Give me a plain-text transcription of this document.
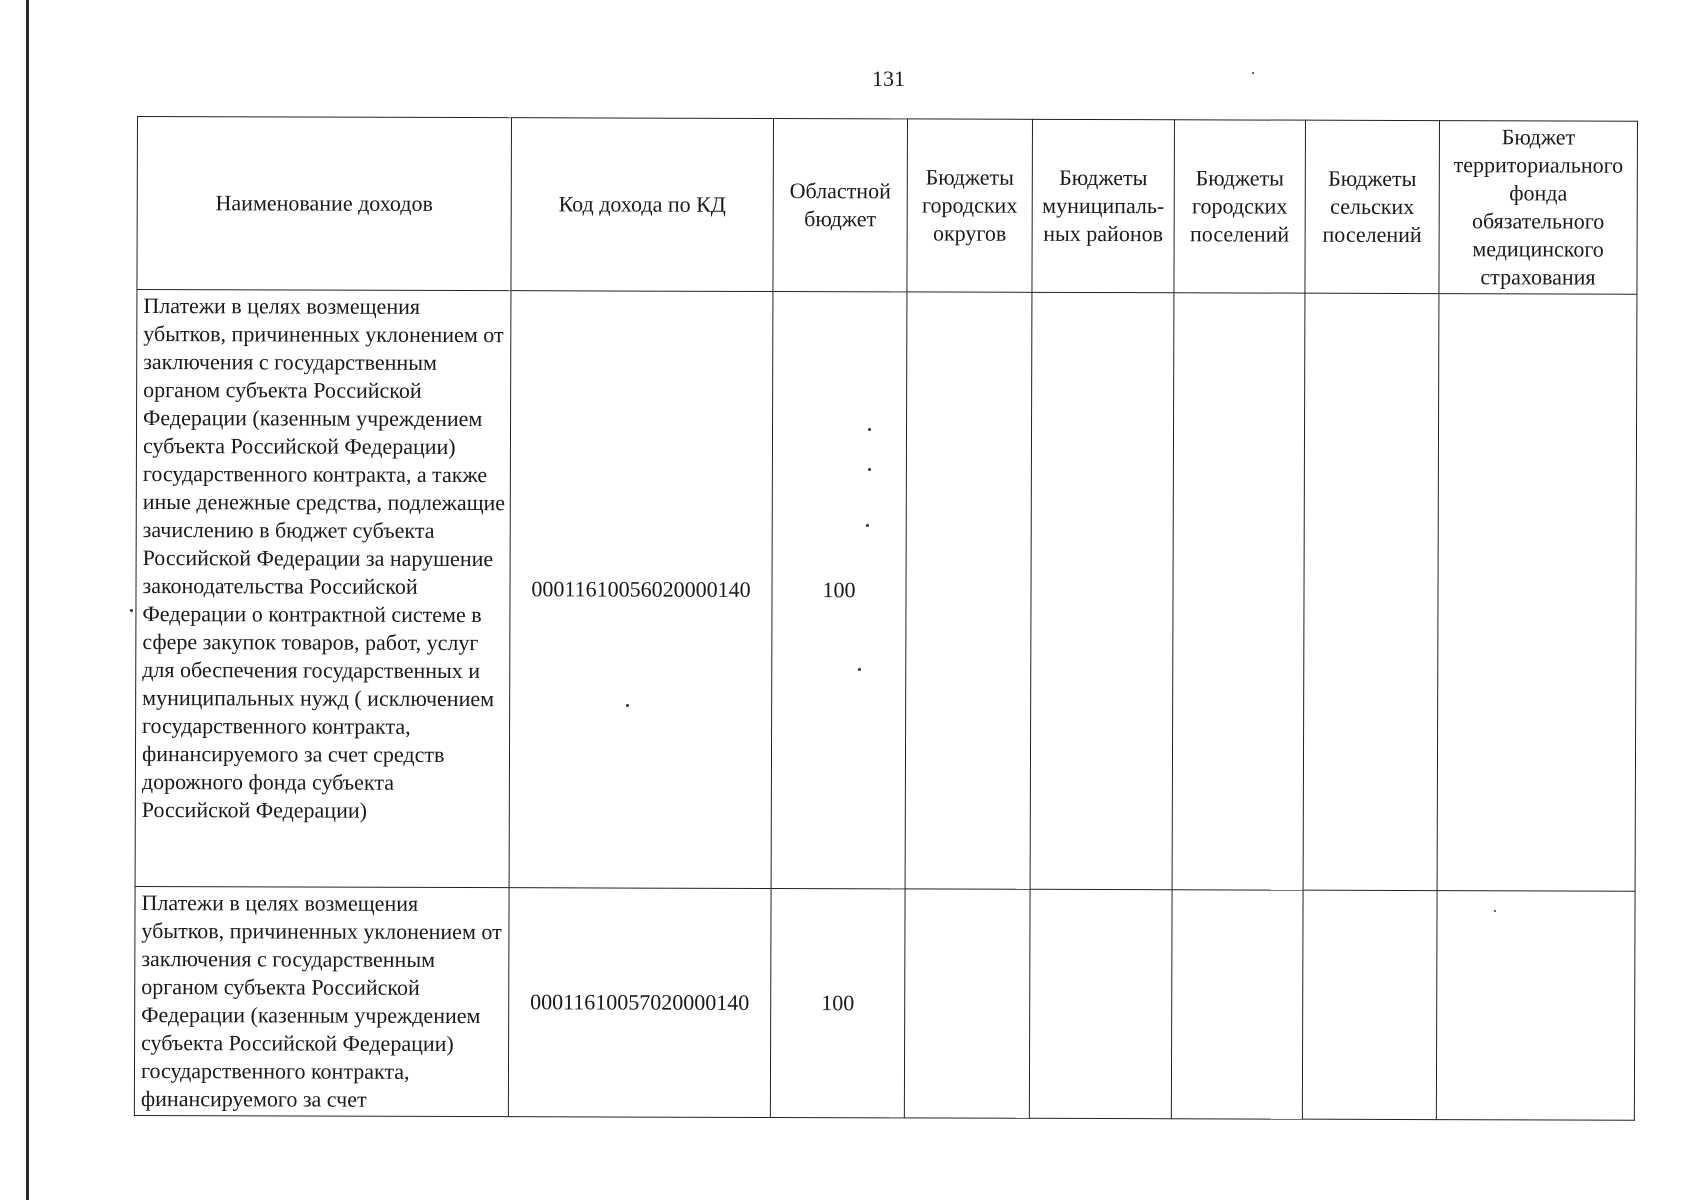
131
Наименование доходов	Код дохода по КД	Областной бюджет	Бюджеты городских округов	Бюджеты муниципаль-ных районов	Бюджеты городских поселений	Бюджеты сельских поселений	Бюджет территориального фонда обязательного медицинского страхования
Платежи в целях возмещения убытков, причиненных уклонением от заключения с государственным органом субъекта Российской Федерации (казенным учреждением субъекта Российской Федерации) государственного контракта, а также иные денежные средства, подлежащие зачислению в бюджет субъекта Российской Федерации за нарушение законодательства Российской Федерации о контрактной системе в сфере закупок товаров, работ, услуг для обеспечения государственных и муниципальных нужд ( исключением государственного контракта, финансируемого за счет средств дорожного фонда субъекта Российской Федерации)	00011610056020000140	100					
Платежи в целях возмещения убытков, причиненных уклонением от заключения с государственным органом субъекта Российской Федерации (казенным учреждением субъекта Российской Федерации) государственного контракта, финансируемого за счет	00011610057020000140	100					
